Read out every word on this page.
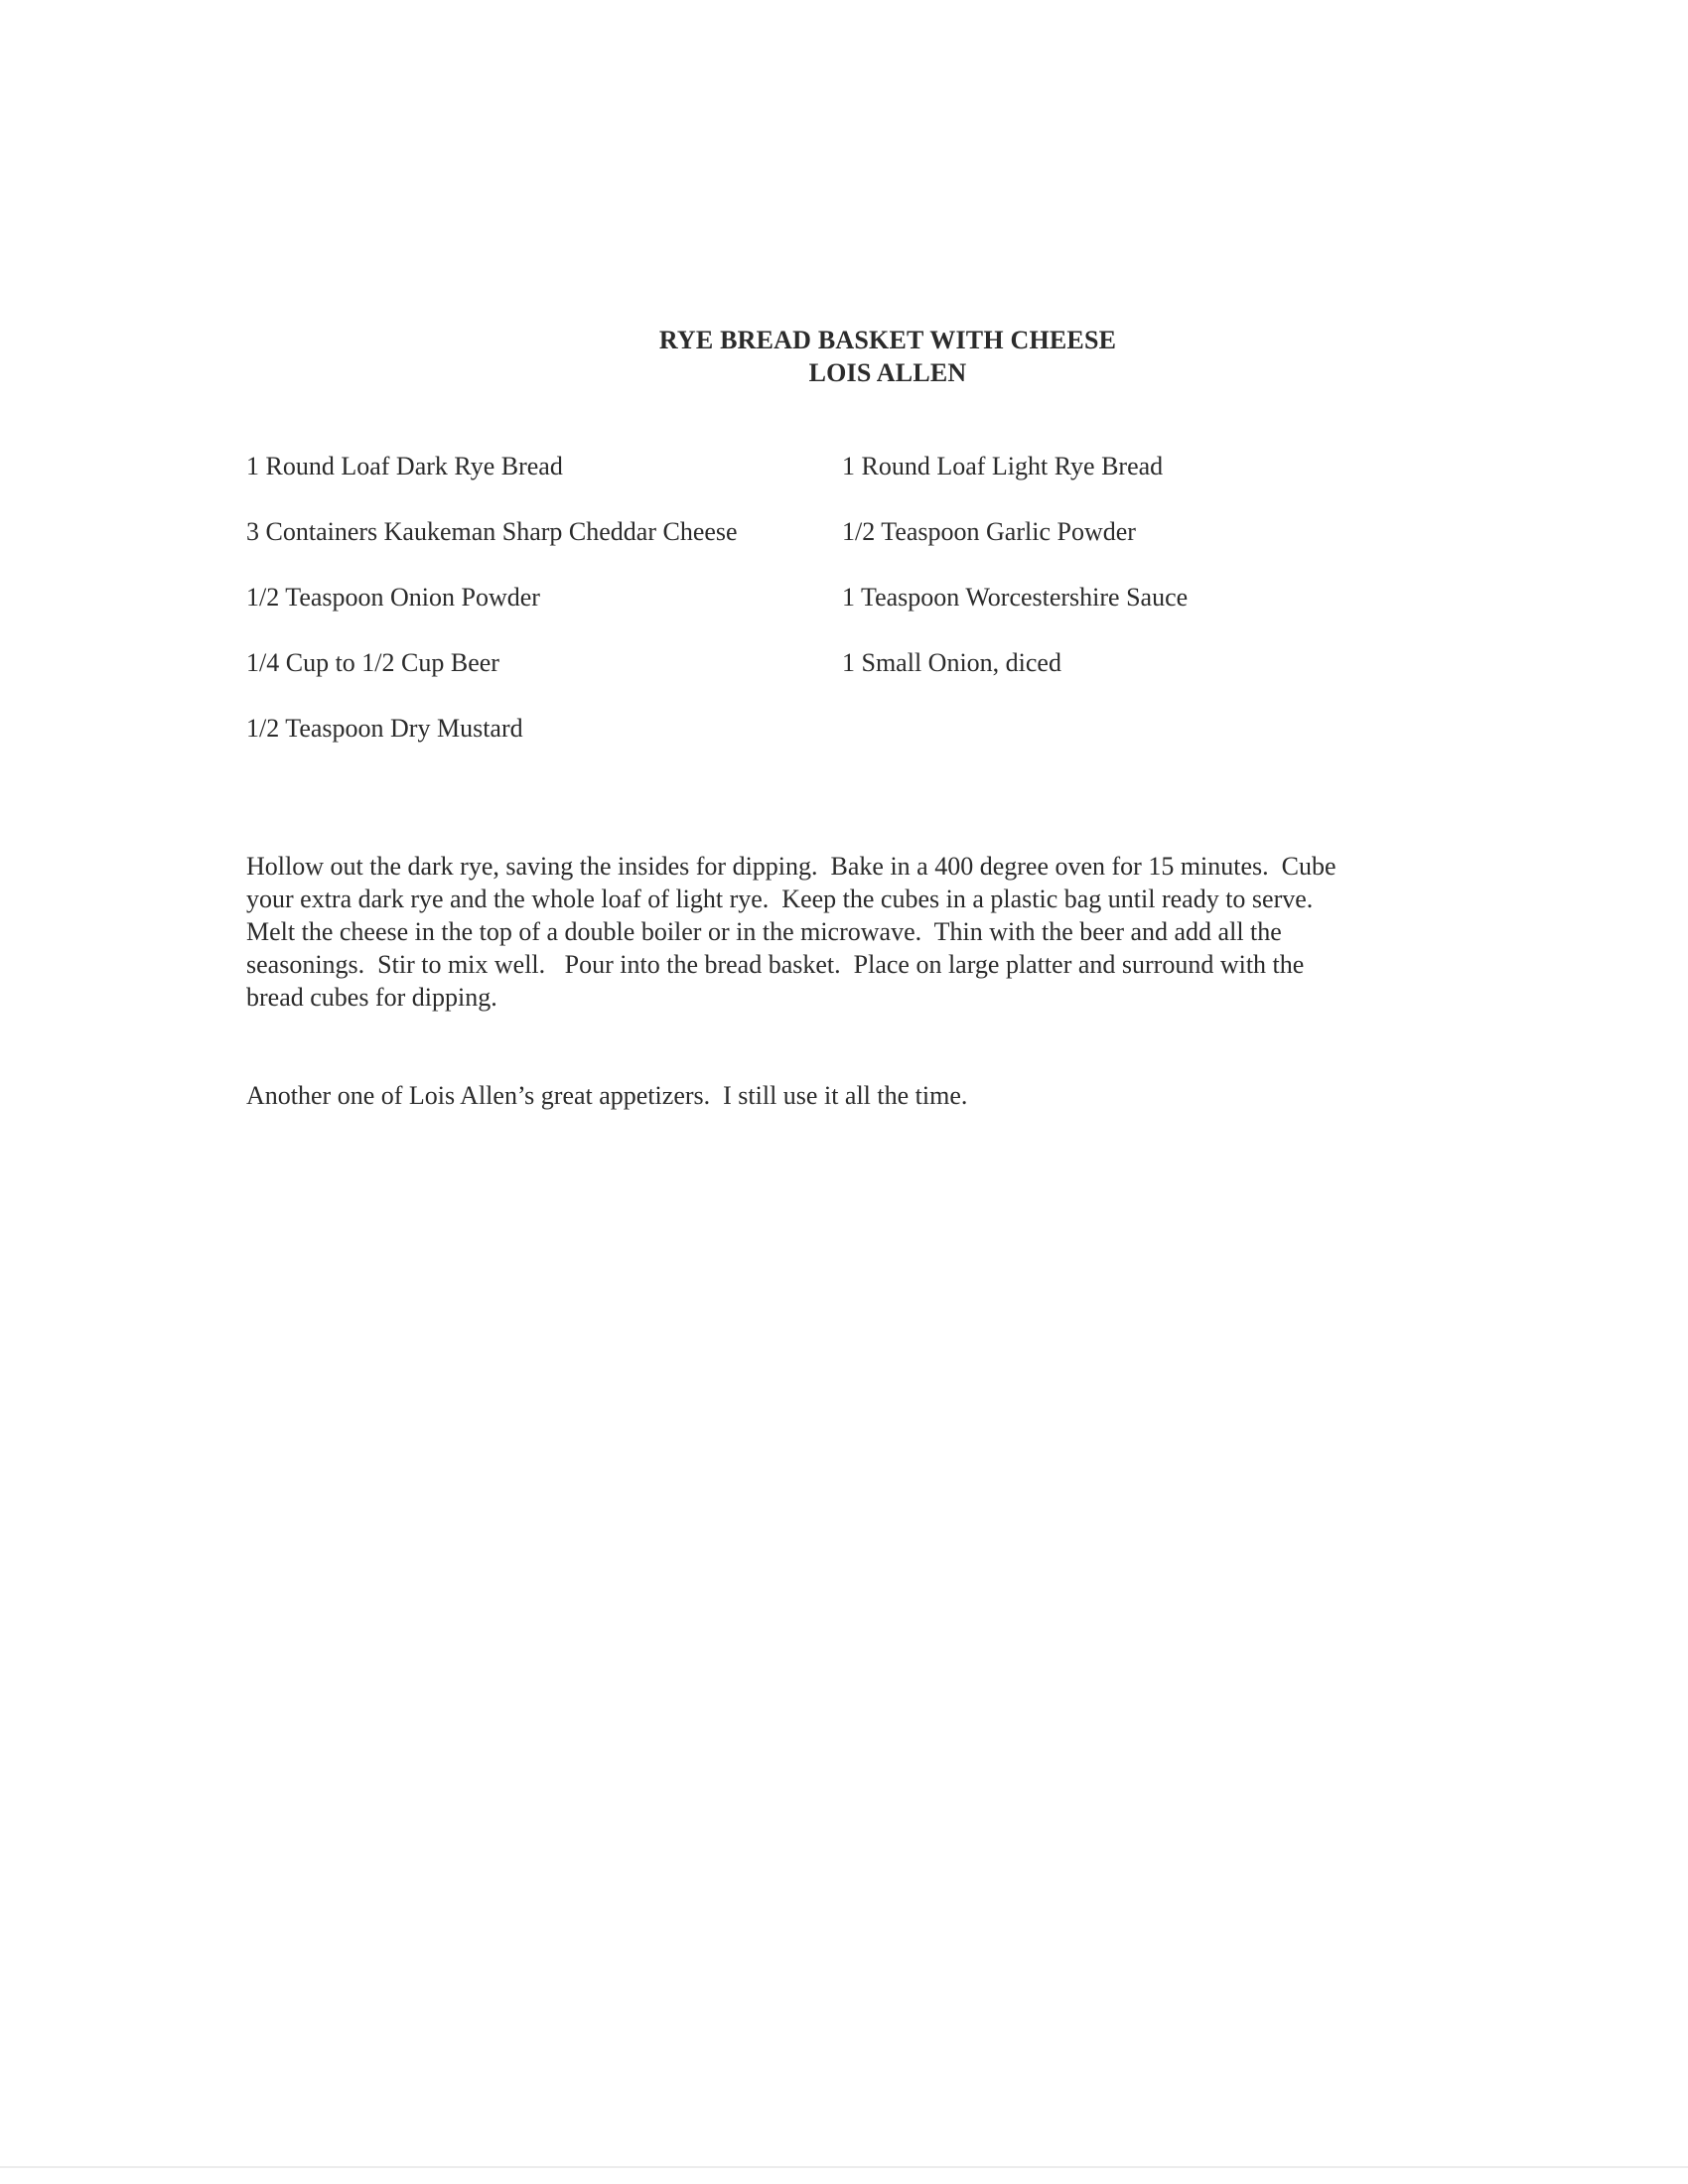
RYE BREAD BASKET WITH CHEESE
LOIS ALLEN
1 Round Loaf Dark Rye Bread	1 Round Loaf Light Rye Bread
3 Containers Kaukeman Sharp Cheddar Cheese	1/2 Teaspoon Garlic Powder
1/2 Teaspoon Onion Powder	1 Teaspoon Worcestershire Sauce
1/4 Cup to 1/2 Cup Beer	1 Small Onion, diced
1/2 Teaspoon Dry Mustard
Hollow out the dark rye, saving the insides for dipping.  Bake in a 400 degree oven for 15 minutes.  Cube
your extra dark rye and the whole loaf of light rye.  Keep the cubes in a plastic bag until ready to serve.
Melt the cheese in the top of a double boiler or in the microwave.  Thin with the beer and add all the
seasonings.  Stir to mix well.   Pour into the bread basket.  Place on large platter and surround with the
bread cubes for dipping.
Another one of Lois Allen’s great appetizers.  I still use it all the time.
